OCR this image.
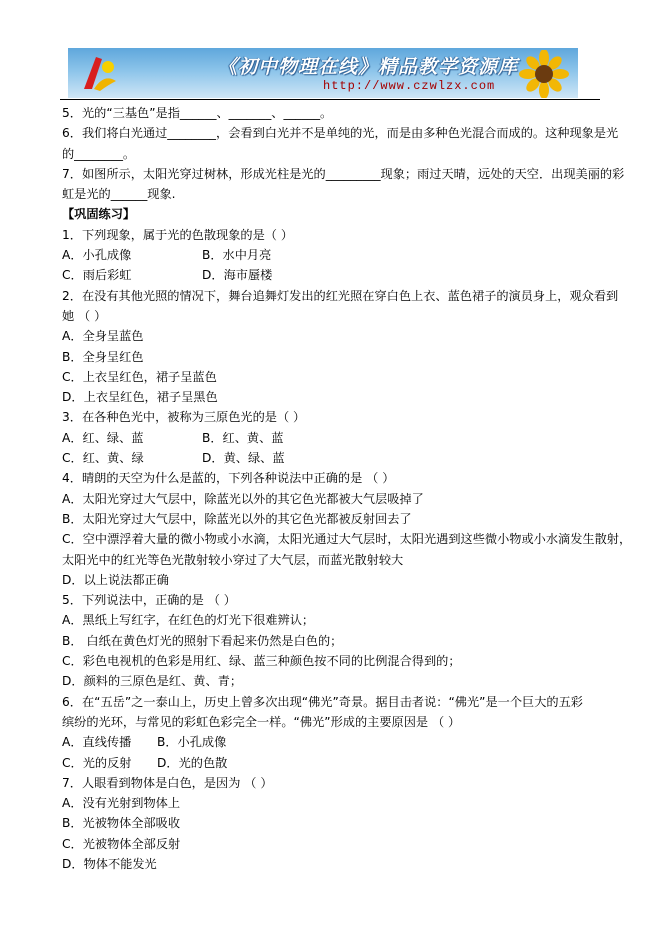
《初中物理在线》精品教学资源库
http://www.czwlzx.com
5．光的“三基色”是指______、_______、______。
6．我们将白光通过________，会看到白光并不是单纯的光，而是由多种色光混合而成的。这种现象是光
的________。
7．如图所示，太阳光穿过树林，形成光柱是光的_________现象；雨过天晴，远处的天空．出现美丽的彩
虹是光的______现象.
【巩固练习】
1．下列现象，属于光的色散现象的是（ ）
A．小孔成像	B．水中月亮
C．雨后彩虹	D．海市蜃楼
2．在没有其他光照的情况下，舞台追舞灯发出的红光照在穿白色上衣、蓝色裙子的演员身上，观众看到
她 （ ）
A．全身呈蓝色
B．全身呈红色
C．上衣呈红色，裙子呈蓝色
D．上衣呈红色，裙子呈黑色
3．在各种色光中，被称为三原色光的是（ ）
A．红、绿、蓝	B．红、黄、蓝
C．红、黄、绿	D．黄、绿、蓝
4．晴朗的天空为什么是蓝的，下列各种说法中正确的是 （ ）
A．太阳光穿过大气层中，除蓝光以外的其它色光都被大气层吸掉了
B．太阳光穿过大气层中，除蓝光以外的其它色光都被反射回去了
C．空中漂浮着大量的微小物或小水滴，太阳光通过大气层时，太阳光遇到这些微小物或小水滴发生散射，
太阳光中的红光等色光散射较小穿过了大气层，而蓝光散射较大
D．以上说法都正确
5．下列说法中，正确的是 （ ）
A．黑纸上写红字，在红色的灯光下很难辨认；
B． 白纸在黄色灯光的照射下看起来仍然是白色的；
C．彩色电视机的色彩是用红、绿、蓝三种颜色按不同的比例混合得到的；
D．颜料的三原色是红、黄、青；
6．在“五岳”之一泰山上，历史上曾多次出现“佛光”奇景。据目击者说：“佛光”是一个巨大的五彩
缤纷的光环，与常见的彩虹色彩完全一样。“佛光”形成的主要原因是 （ ）
A．直线传播 B．小孔成像
C．光的反射 D．光的色散
7．人眼看到物体是白色，是因为 （ ）
A．没有光射到物体上
B．光被物体全部吸收
C．光被物体全部反射
D．物体不能发光
